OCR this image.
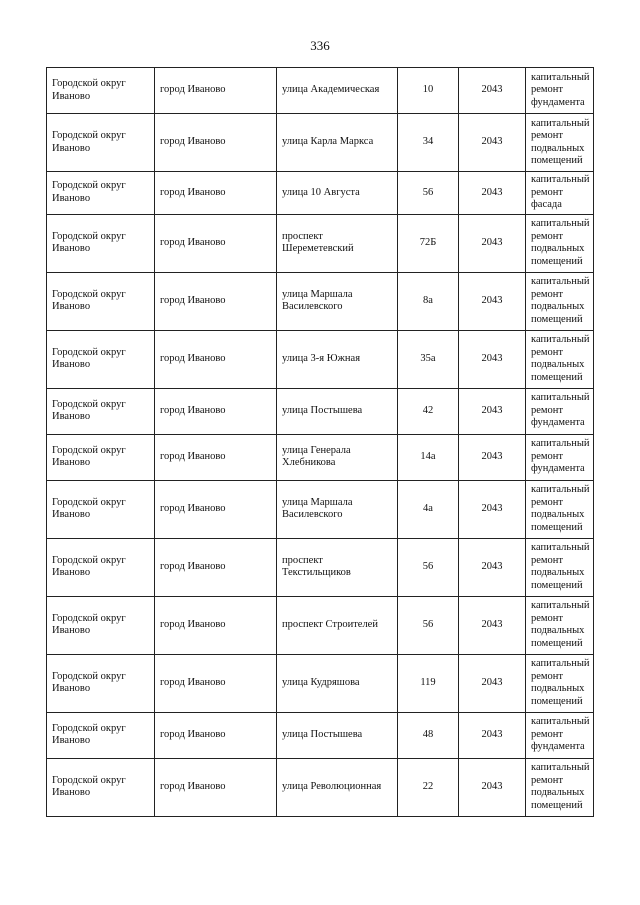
336
Городской округ Иваново	город Иваново	улица Академическая	10	2043	капитальный ремонт фундамента
Городской округ Иваново	город Иваново	улица Карла Маркса	34	2043	капитальный ремонт подвальных помещений
Городской округ Иваново	город Иваново	улица 10 Августа	56	2043	капитальный ремонт фасада
Городской округ Иваново	город Иваново	проспект Шереметевский	72Б	2043	капитальный ремонт подвальных помещений
Городской округ Иваново	город Иваново	улица Маршала Василевского	8а	2043	капитальный ремонт подвальных помещений
Городской округ Иваново	город Иваново	улица 3-я Южная	35а	2043	капитальный ремонт подвальных помещений
Городской округ Иваново	город Иваново	улица Постышева	42	2043	капитальный ремонт фундамента
Городской округ Иваново	город Иваново	улица Генерала Хлебникова	14а	2043	капитальный ремонт фундамента
Городской округ Иваново	город Иваново	улица Маршала Василевского	4а	2043	капитальный ремонт подвальных помещений
Городской округ Иваново	город Иваново	проспект Текстильщиков	56	2043	капитальный ремонт подвальных помещений
Городской округ Иваново	город Иваново	проспект Строителей	56	2043	капитальный ремонт подвальных помещений
Городской округ Иваново	город Иваново	улица Кудряшова	119	2043	капитальный ремонт подвальных помещений
Городской округ Иваново	город Иваново	улица Постышева	48	2043	капитальный ремонт фундамента
Городской округ Иваново	город Иваново	улица Революционная	22	2043	капитальный ремонт подвальных помещений
